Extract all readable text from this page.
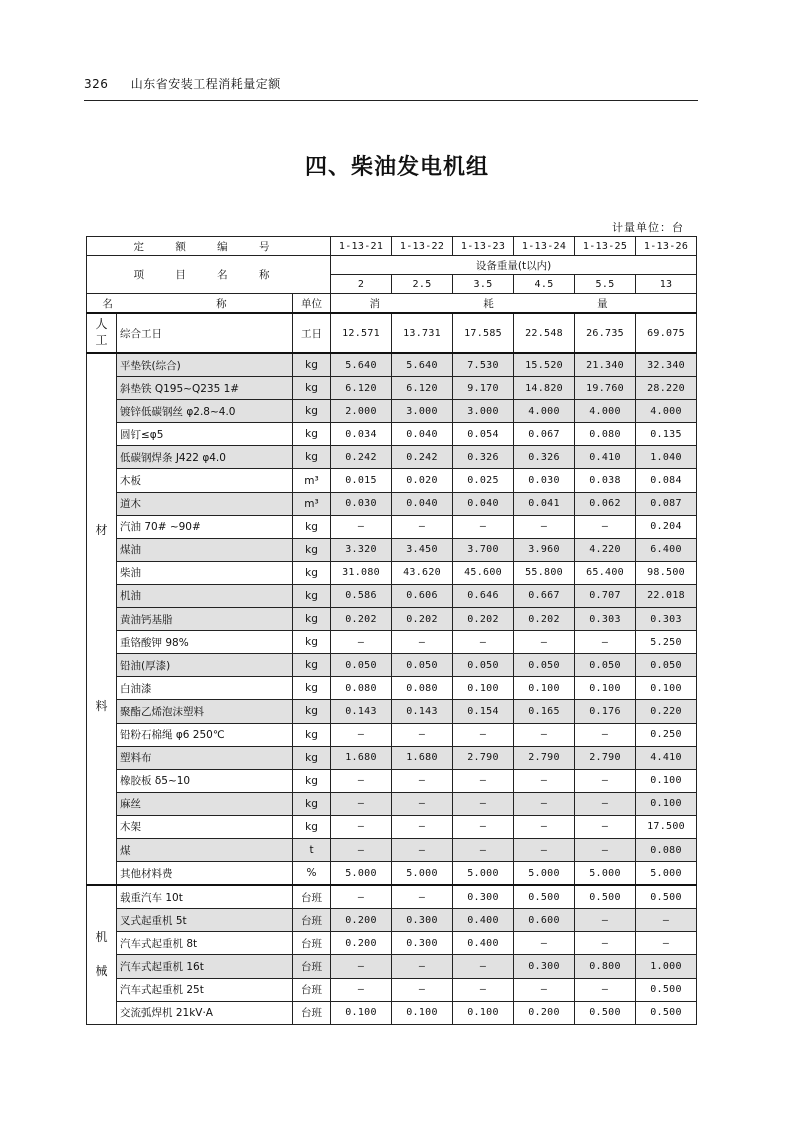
326 山东省安装工程消耗量定额
四、柴油发电机组
计量单位：台
定 额 编 号			1-13-21	1-13-22	1-13-23	1-13-24	1-13-25	1-13-26
项 目 名 称			设备重量(t以内)					
			2	2.5	3.5	4.5	5.5	13
名 称		单位	消 耗 量					
人工	综合工日	工日	12.571	13.731	17.585	22.548	26.735	69.075

材
料	平垫铁(综合)	kg	5.640	5.640	7.530	15.520	21.340	32.340
	斜垫铁 Q195~Q235 1#	kg	6.120	6.120	9.170	14.820	19.760	28.220
	镀锌低碳钢丝 φ2.8~4.0	kg	2.000	3.000	3.000	4.000	4.000	4.000
	圆钉≤φ5	kg	0.034	0.040	0.054	0.067	0.080	0.135
	低碳钢焊条 J422 φ4.0	kg	0.242	0.242	0.326	0.326	0.410	1.040
	木板	m³	0.015	0.020	0.025	0.030	0.038	0.084
	道木	m³	0.030	0.040	0.040	0.041	0.062	0.087
	汽油 70# ~90#	kg	—	—	—	—	—	0.204
	煤油	kg	3.320	3.450	3.700	3.960	4.220	6.400
	柴油	kg	31.080	43.620	45.600	55.800	65.400	98.500
	机油	kg	0.586	0.606	0.646	0.667	0.707	22.018
	黄油钙基脂	kg	0.202	0.202	0.202	0.202	0.303	0.303
	重铬酸钾 98%	kg	—	—	—	—	—	5.250
	铅油(厚漆)	kg	0.050	0.050	0.050	0.050	0.050	0.050
	白油漆	kg	0.080	0.080	0.100	0.100	0.100	0.100
	聚酯乙烯泡沫塑料	kg	0.143	0.143	0.154	0.165	0.176	0.220
	铅粉石棉绳 φ6 250℃	kg	—	—	—	—	—	0.250
	塑料布	kg	1.680	1.680	2.790	2.790	2.790	4.410
	橡胶板 δ5~10	kg	—	—	—	—	—	0.100
	麻丝	kg	—	—	—	—	—	0.100
	木架	kg	—	—	—	—	—	17.500
	煤	t	—	—	—	—	—	0.080
	其他材料费	%	5.000	5.000	5.000	5.000	5.000	5.000

机
械	载重汽车 10t	台班	—	—	0.300	0.500	0.500	0.500
	叉式起重机 5t	台班	0.200	0.300	0.400	0.600	—	—
	汽车式起重机 8t	台班	0.200	0.300	0.400	—	—	—
	汽车式起重机 16t	台班	—	—	—	0.300	0.800	1.000
	汽车式起重机 25t	台班	—	—	—	—	—	0.500
	交流弧焊机 21kV·A	台班	0.100	0.100	0.100	0.200	0.500	0.500
